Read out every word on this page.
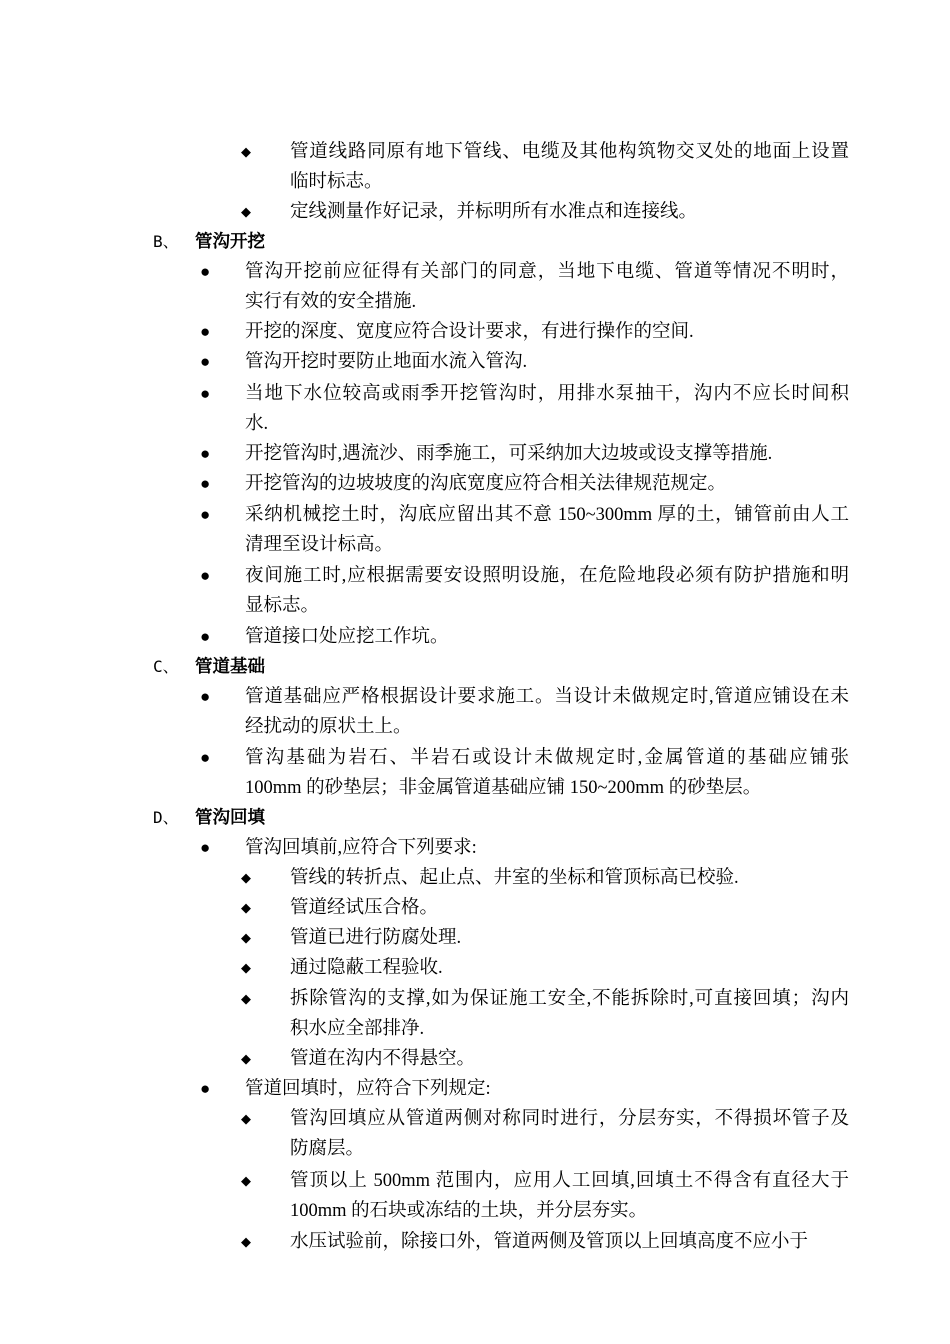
◆ 管道线路同原有地下管线、电缆及其他构筑物交叉处的地面上设置
临时标志。
◆ 定线测量作好记录，并标明所有水准点和连接线。
B、 管沟开挖
● 管沟开挖前应征得有关部门的同意，当地下电缆、管道等情况不明时，
实行有效的安全措施.
● 开挖的深度、宽度应符合设计要求，有进行操作的空间.
● 管沟开挖时要防止地面水流入管沟.
● 当地下水位较高或雨季开挖管沟时，用排水泵抽干，沟内不应长时间积
水.
● 开挖管沟时,遇流沙、雨季施工，可采纳加大边坡或设支撑等措施.
● 开挖管沟的边坡坡度的沟底宽度应符合相关法律规范规定。
● 采纳机械挖土时，沟底应留出其不意 150~300mm 厚的土，铺管前由人工
清理至设计标高。
● 夜间施工时,应根据需要安设照明设施，在危险地段必须有防护措施和明
显标志。
● 管道接口处应挖工作坑。
C、 管道基础
● 管道基础应严格根据设计要求施工。当设计未做规定时,管道应铺设在未
经扰动的原状土上。
● 管沟基础为岩石、半岩石或设计未做规定时,金属管道的基础应铺张
100mm 的砂垫层；非金属管道基础应铺 150~200mm 的砂垫层。
D、 管沟回填
● 管沟回填前,应符合下列要求:
◆ 管线的转折点、起止点、井室的坐标和管顶标高已校验.
◆ 管道经试压合格。
◆ 管道已进行防腐处理.
◆ 通过隐蔽工程验收.
◆ 拆除管沟的支撑,如为保证施工安全,不能拆除时,可直接回填；沟内
积水应全部排净.
◆ 管道在沟内不得悬空。
● 管道回填时，应符合下列规定:
◆ 管沟回填应从管道两侧对称同时进行，分层夯实，不得损坏管子及
防腐层。
◆ 管顶以上 500mm 范围内，应用人工回填,回填土不得含有直径大于
100mm 的石块或冻结的土块，并分层夯实。
◆ 水压试验前，除接口外，管道两侧及管顶以上回填高度不应小于
